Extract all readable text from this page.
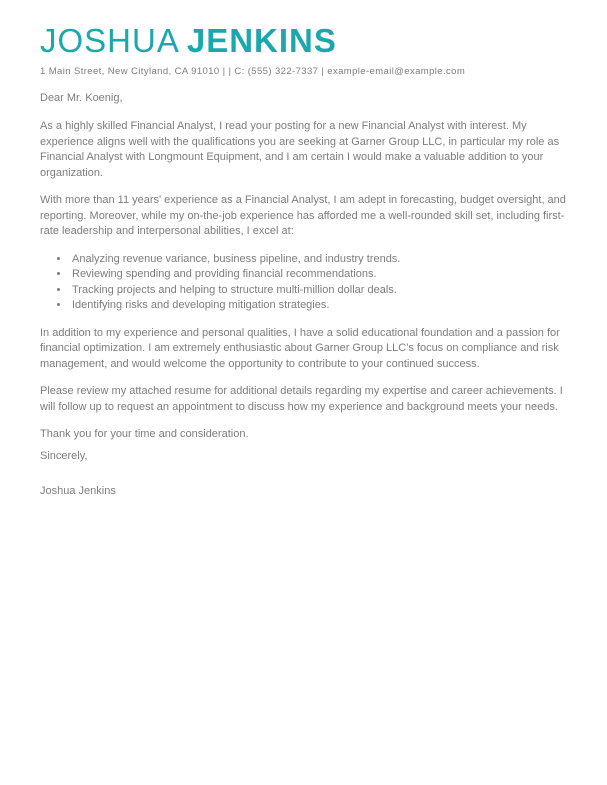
JOSHUA JENKINS
1 Main Street, New Cityland, CA 91010 | | C: (555) 322-7337 | example-email@example.com

Dear Mr. Koenig,

As a highly skilled Financial Analyst, I read your posting for a new Financial Analyst with interest. My experience aligns well with the qualifications you are seeking at Garner Group LLC, in particular my role as Financial Analyst with Longmount Equipment, and I am certain I would make a valuable addition to your organization.

With more than 11 years' experience as a Financial Analyst, I am adept in forecasting, budget oversight, and reporting. Moreover, while my on-the-job experience has afforded me a well-rounded skill set, including first-rate leadership and interpersonal abilities, I excel at:

• Analyzing revenue variance, business pipeline, and industry trends.
• Reviewing spending and providing financial recommendations.
• Tracking projects and helping to structure multi-million dollar deals.
• Identifying risks and developing mitigation strategies.

In addition to my experience and personal qualities, I have a solid educational foundation and a passion for financial optimization. I am extremely enthusiastic about Garner Group LLC's focus on compliance and risk management, and would welcome the opportunity to contribute to your continued success.

Please review my attached resume for additional details regarding my expertise and career achievements. I will follow up to request an appointment to discuss how my experience and background meets your needs.

Thank you for your time and consideration.

Sincerely,

Joshua Jenkins
